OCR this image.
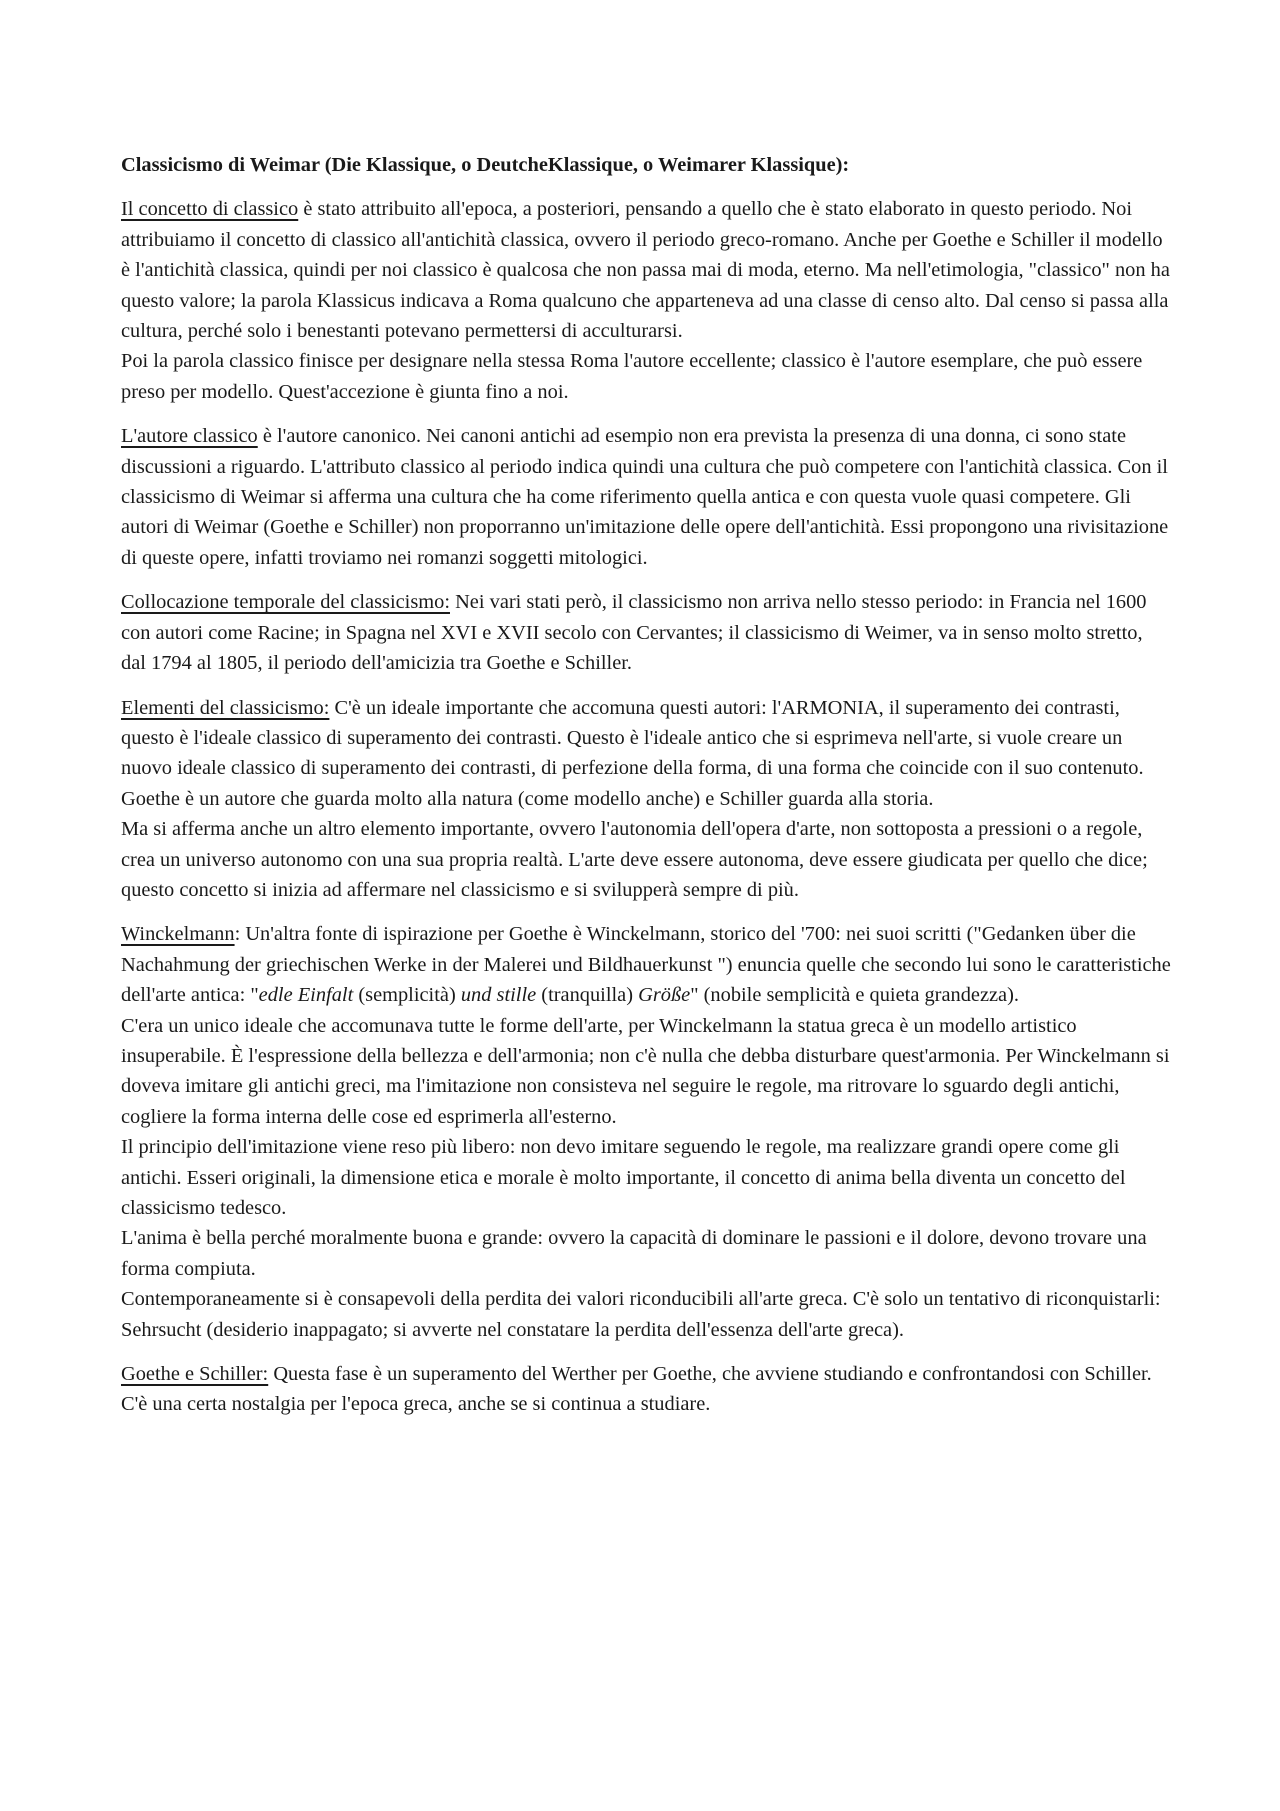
Classicismo di Weimar (Die Klassique, o DeutcheKlassique, o Weimarer Klassique):

Il concetto di classico è stato attribuito all'epoca, a posteriori, pensando a quello che è stato elaborato in questo periodo. Noi attribuiamo il concetto di classico all'antichità classica, ovvero il periodo greco-romano. Anche per Goethe e Schiller il modello è l'antichità classica, quindi per noi classico è qualcosa che non passa mai di moda, eterno. Ma nell'etimologia, "classico" non ha questo valore; la parola Klassicus indicava a Roma qualcuno che apparteneva ad una classe di censo alto. Dal censo si passa alla cultura, perché solo i benestanti potevano permettersi di acculturarsi.

Poi la parola classico finisce per designare nella stessa Roma l'autore eccellente; classico è l'autore esemplare, che può essere preso per modello. Quest'accezione è giunta fino a noi.

L'autore classico è l'autore canonico. Nei canoni antichi ad esempio non era prevista la presenza di una donna, ci sono state discussioni a riguardo. L'attributo classico al periodo indica quindi una cultura che può competere con l'antichità classica. Con il classicismo di Weimar si afferma una cultura che ha come riferimento quella antica e con questa vuole quasi competere. Gli autori di Weimar (Goethe e Schiller) non proporranno un'imitazione delle opere dell'antichità. Essi propongono una rivisitazione di queste opere, infatti troviamo nei romanzi soggetti mitologici.

Collocazione temporale del classicismo: Nei vari stati però, il classicismo non arriva nello stesso periodo: in Francia nel 1600 con autori come Racine; in Spagna nel XVI e XVII secolo con Cervantes; il classicismo di Weimer, va in senso molto stretto, dal 1794 al 1805, il periodo dell'amicizia tra Goethe e Schiller.

Elementi del classicismo: C'è un ideale importante che accomuna questi autori: l'ARMONIA, il superamento dei contrasti, questo è l'ideale classico di superamento dei contrasti. Questo è l'ideale antico che si esprimeva nell'arte, si vuole creare un nuovo ideale classico di superamento dei contrasti, di perfezione della forma, di una forma che coincide con il suo contenuto.

Goethe è un autore che guarda molto alla natura (come modello anche) e Schiller guarda alla storia.

Ma si afferma anche un altro elemento importante, ovvero l'autonomia dell'opera d'arte, non sottoposta a pressioni o a regole, crea un universo autonomo con una sua propria realtà. L'arte deve essere autonoma, deve essere giudicata per quello che dice; questo concetto si inizia ad affermare nel classicismo e si svilupperà sempre di più.

Winckelmann: Un'altra fonte di ispirazione per Goethe è Winckelmann, storico del '700: nei suoi scritti ("Gedanken über die Nachahmung der griechischen Werke in der Malerei und Bildhauerkunst ") enuncia quelle che secondo lui sono le caratteristiche dell'arte antica: "edle Einfalt (semplicità) und stille (tranquilla) Größe" (nobile semplicità e quieta grandezza).

C'era un unico ideale che accomunava tutte le forme dell'arte, per Winckelmann la statua greca è un modello artistico insuperabile. È l'espressione della bellezza e dell'armonia; non c'è nulla che debba disturbare quest'armonia. Per Winckelmann si doveva imitare gli antichi greci, ma l'imitazione non consisteva nel seguire le regole, ma ritrovare lo sguardo degli antichi, cogliere la forma interna delle cose ed esprimerla all'esterno.

Il principio dell'imitazione viene reso più libero: non devo imitare seguendo le regole, ma realizzare grandi opere come gli antichi. Esseri originali, la dimensione etica e morale è molto importante, il concetto di anima bella diventa un concetto del classicismo tedesco.

L'anima è bella perché moralmente buona e grande: ovvero la capacità di dominare le passioni e il dolore, devono trovare una forma compiuta.

Contemporaneamente si è consapevoli della perdita dei valori riconducibili all'arte greca. C'è solo un tentativo di riconquistarli: Sehrsucht (desiderio inappagato; si avverte nel constatare la perdita dell'essenza dell'arte greca).

Goethe e Schiller: Questa fase è un superamento del Werther per Goethe, che avviene studiando e confrontandosi con Schiller. C'è una certa nostalgia per l'epoca greca, anche se si continua a studiare.
